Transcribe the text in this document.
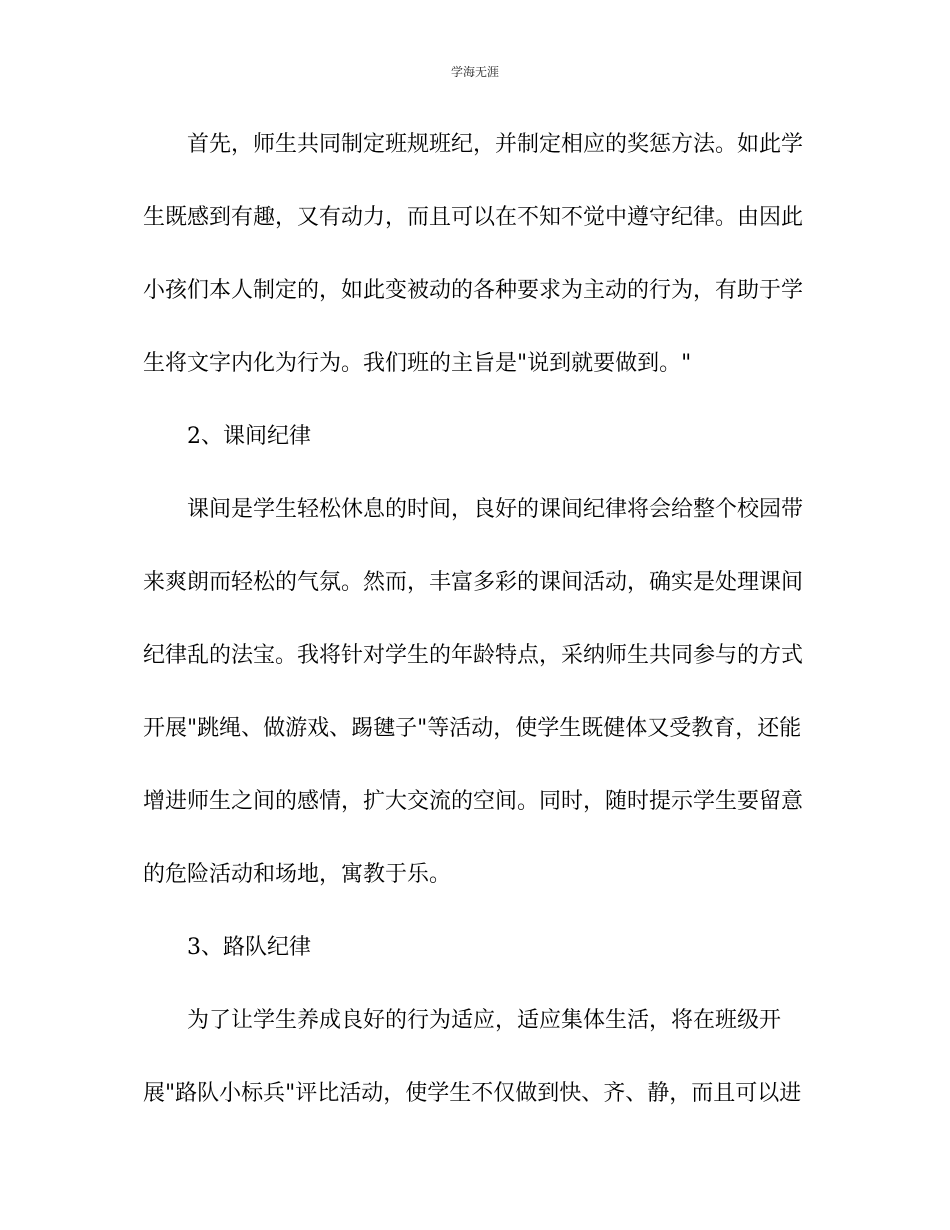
学海无涯
首先，师生共同制定班规班纪，并制定相应的奖惩方法。如此学
生既感到有趣，又有动力，而且可以在不知不觉中遵守纪律。由因此
小孩们本人制定的，如此变被动的各种要求为主动的行为，有助于学
生将文字内化为行为。我们班的主旨是"说到就要做到。"
2、课间纪律
课间是学生轻松休息的时间，良好的课间纪律将会给整个校园带
来爽朗而轻松的气氛。然而，丰富多彩的课间活动，确实是处理课间
纪律乱的法宝。我将针对学生的年龄特点，采纳师生共同参与的方式
开展"跳绳、做游戏、踢毽子"等活动，使学生既健体又受教育，还能
增进师生之间的感情，扩大交流的空间。同时，随时提示学生要留意
的危险活动和场地，寓教于乐。
3、路队纪律
为了让学生养成良好的行为适应，适应集体生活，将在班级开
展"路队小标兵"评比活动，使学生不仅做到快、齐、静，而且可以进
